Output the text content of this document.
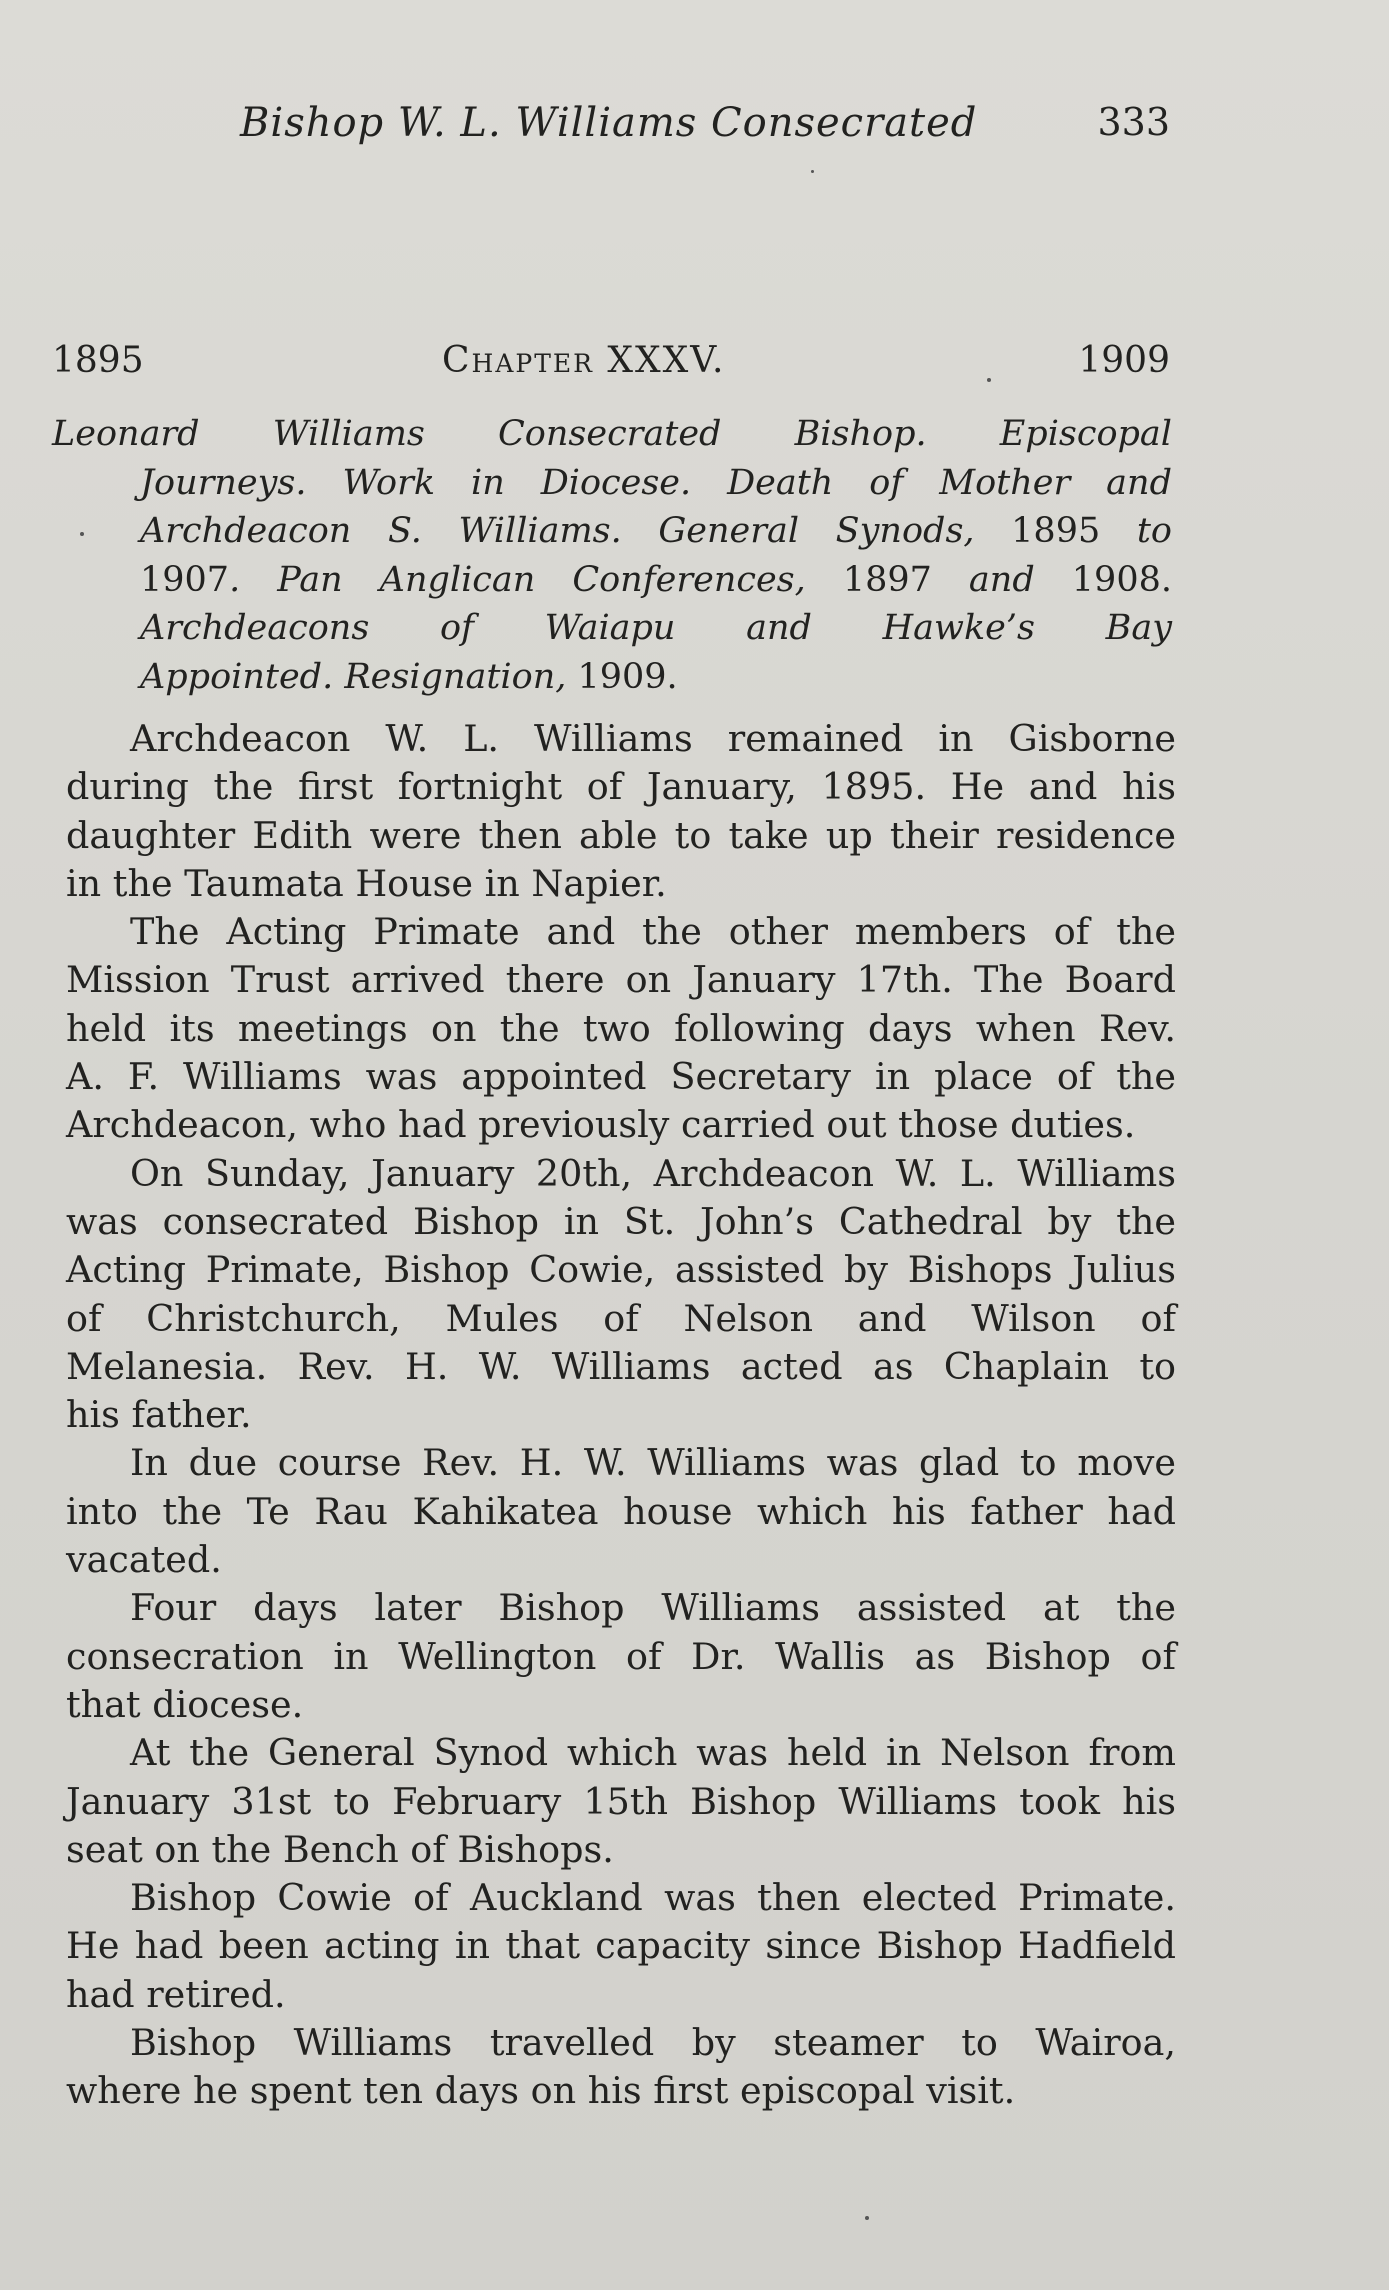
Bishop W. L. Williams Consecrated	333
1895	Chapter XXXV.	1909
Leonard Williams Consecrated Bishop. Episcopal
Journeys. Work in Diocese. Death of Mother and
Archdeacon S. Williams. General Synods, 1895 to
1907. Pan Anglican Conferences, 1897 and 1908.
Archdeacons of Waiapu and Hawke’s Bay
Appointed. Resignation, 1909.
Archdeacon W. L. Williams remained in Gisborne
during the first fortnight of January, 1895. He and his
daughter Edith were then able to take up their residence
in the Taumata House in Napier.
The Acting Primate and the other members of the
Mission Trust arrived there on January 17th. The Board
held its meetings on the two following days when Rev.
A. F. Williams was appointed Secretary in place of the
Archdeacon, who had previously carried out those duties.
On Sunday, January 20th, Archdeacon W. L. Williams
was consecrated Bishop in St. John’s Cathedral by the
Acting Primate, Bishop Cowie, assisted by Bishops Julius
of Christchurch, Mules of Nelson and Wilson of
Melanesia. Rev. H. W. Williams acted as Chaplain to
his father.
In due course Rev. H. W. Williams was glad to move
into the Te Rau Kahikatea house which his father had
vacated.
Four days later Bishop Williams assisted at the
consecration in Wellington of Dr. Wallis as Bishop of
that diocese.
At the General Synod which was held in Nelson from
January 31st to February 15th Bishop Williams took his
seat on the Bench of Bishops.
Bishop Cowie of Auckland was then elected Primate.
He had been acting in that capacity since Bishop Hadfield
had retired.
Bishop Williams travelled by steamer to Wairoa,
where he spent ten days on his first episcopal visit.
